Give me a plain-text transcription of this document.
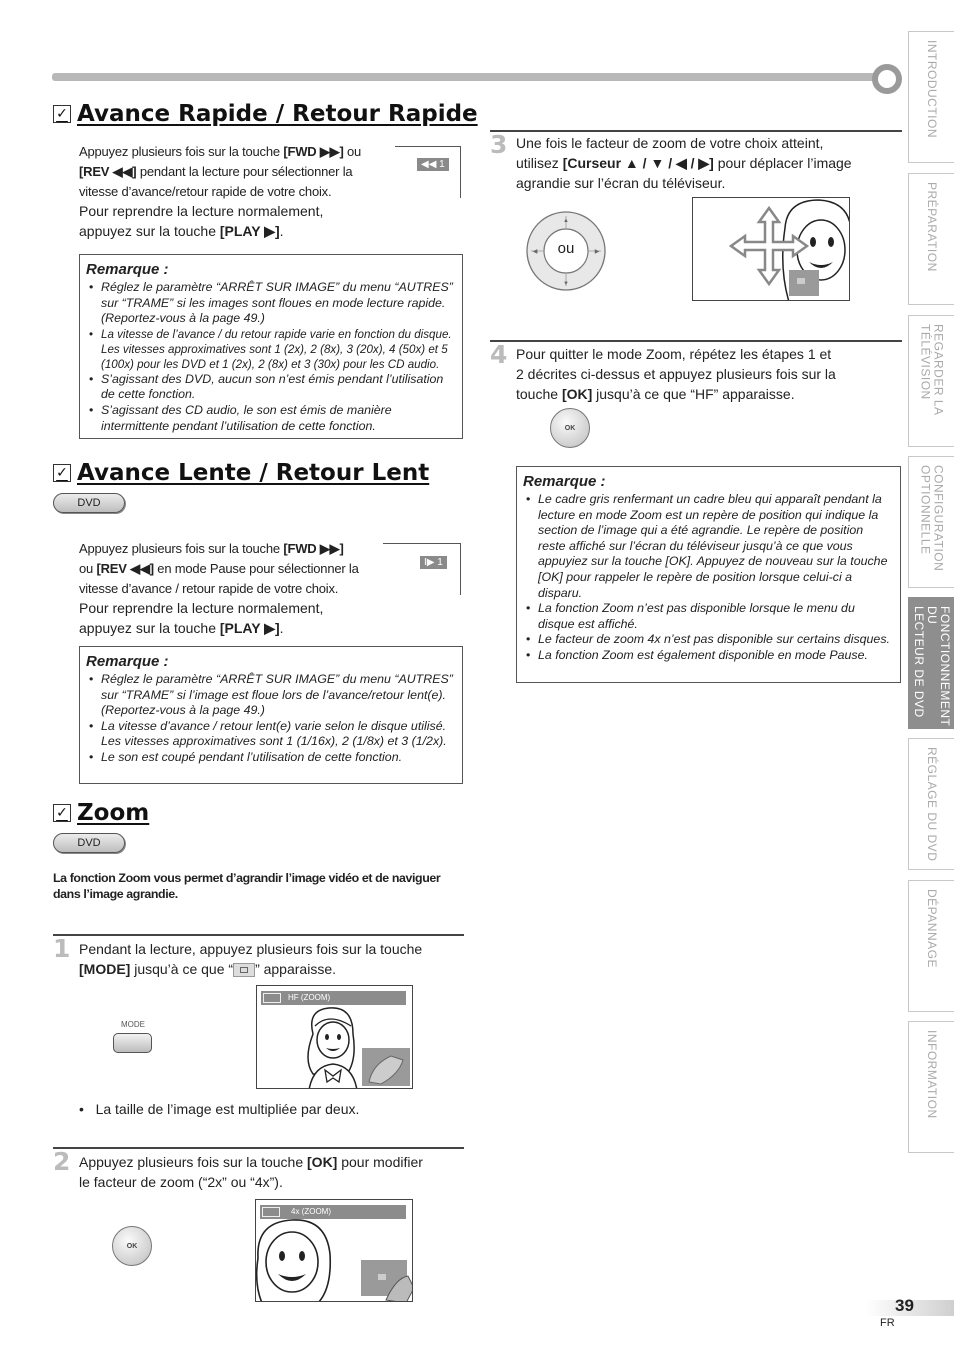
✓ Avance Rapide / Retour Rapide
Appuyez plusieurs fois sur la touche [FWD ▶▶] ou
[REV ◀◀] pendant la lecture pour sélectionner la
vitesse d’avance/retour rapide de votre choix.
Pour reprendre la lecture normalement,
appuyez sur la touche [PLAY ▶].
◀◀ 1
Remarque :
• Réglez le paramètre “ARRÊT SUR IMAGE” du menu “AUTRES” sur “TRAME” si les images sont floues en mode lecture rapide. (Reportez-vous à la page 49.)
• La vitesse de l’avance / du retour rapide varie en fonction du disque. Les vitesses approximatives sont 1 (2x), 2 (8x), 3 (20x), 4 (50x) et 5 (100x) pour les DVD et 1 (2x), 2 (8x) et 3 (30x) pour les CD audio.
• S’agissant des DVD, aucun son n’est émis pendant l’utilisation de cette fonction.
• S’agissant des CD audio, le son est émis de manière intermittente pendant l’utilisation de cette fonction.
✓ Avance Lente / Retour Lent
DVD
Appuyez plusieurs fois sur la touche [FWD ▶▶]
ou [REV ◀◀] en mode Pause pour sélectionner la
vitesse d’avance / retour rapide de votre choix.
Pour reprendre la lecture normalement,
appuyez sur la touche [PLAY ▶].
I▶ 1
Remarque :
• Réglez le paramètre “ARRÊT SUR IMAGE” du menu “AUTRES” sur “TRAME” si l’image est floue lors de l’avance/retour lent(e). (Reportez-vous à la page 49.)
• La vitesse d’avance / retour lent(e) varie selon le disque utilisé. Les vitesses approximatives sont 1 (1/16x), 2 (1/8x) et 3 (1/2x).
• Le son est coupé pendant l’utilisation de cette fonction.
✓ Zoom
DVD
La fonction Zoom vous permet d’agrandir l’image vidéo et de naviguer dans l’image agrandie.
1 Pendant la lecture, appuyez plusieurs fois sur la touche
[MODE] jusqu’à ce que “ ” apparaisse.
MODE
HF (ZOOM)
•   La taille de l’image est multipliée par deux.
2 Appuyez plusieurs fois sur la touche [OK] pour modifier
le facteur de zoom (“2x” ou “4x”).
OK
4x (ZOOM)
3 Une fois le facteur de zoom de votre choix atteint,
utilisez [Curseur ▲ / ▼ / ◀ / ▶] pour déplacer l’image
agrandie sur l’écran du téléviseur.
▲
▼
◀	▶
ou
4 Pour quitter le mode Zoom, répétez les étapes 1 et
2 décrites ci-dessus et appuyez plusieurs fois sur la
touche [OK] jusqu’à ce que “HF” apparaisse.
OK
Remarque :
• Le cadre gris renfermant un cadre bleu qui apparaît pendant la lecture en mode Zoom est un repère de position qui indique la section de l’image qui a été agrandie. Le repère de position reste affiché sur l’écran du téléviseur jusqu’à ce que vous appuyiez sur la touche [OK]. Appuyez de nouveau sur la touche [OK] pour rappeler le repère de position lorsque celui-ci a disparu.
• La fonction Zoom n’est pas disponible lorsque le menu du disque est affiché.
• Le facteur de zoom 4x n’est pas disponible sur certains disques.
• La fonction Zoom est également disponible en mode Pause.
INTRODUCTION
PRÉPARATION
REGARDER LA
TÉLÉVISION
CONFIGURATION
OPTIONNELLE
FONCTIONNEMENT DU
LECTEUR DE DVD
RÉGLAGE DU DVD
DÉPANNAGE
INFORMATION
39
FR
